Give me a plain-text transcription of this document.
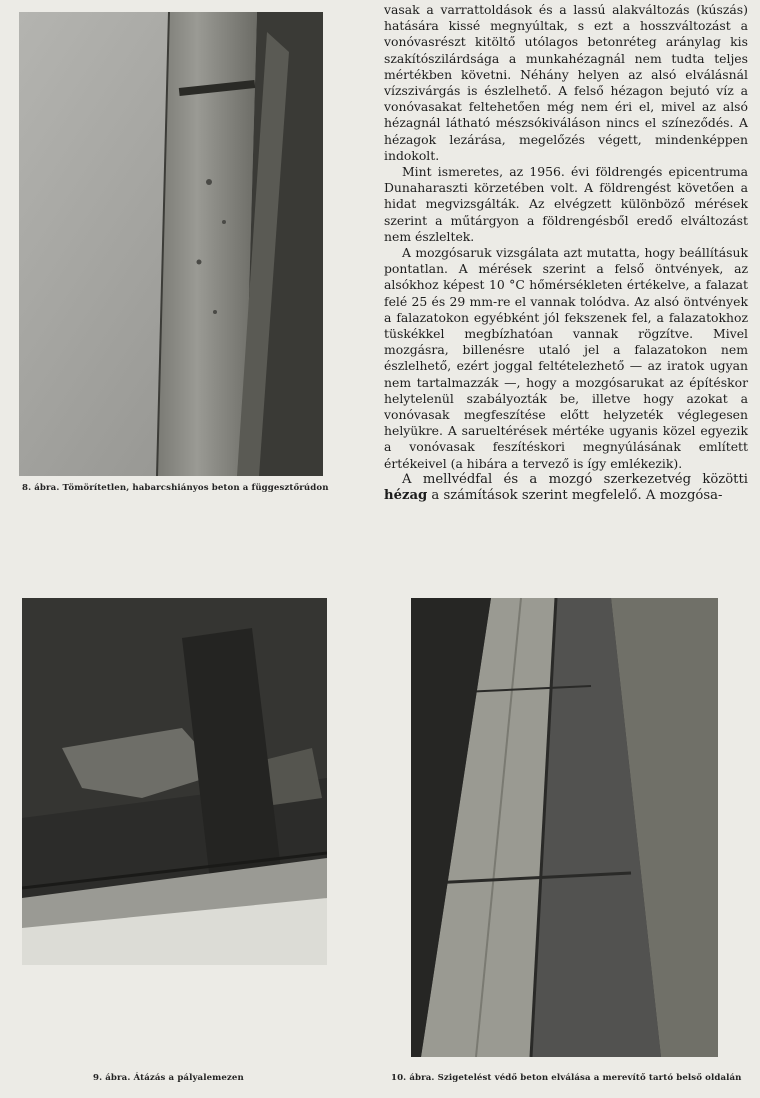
8. ábra. Tömörítetlen, habarcshiányos beton a függesztőrúdon

vasak a varrattoldások és a lassú alakváltozás (kúszás) hatására kissé megnyúltak, s ezt a hosszváltozást a vonóvasrészt kitöltő utólagos betonréteg aránylag kis szakítószilárdsága a munkahézagnál nem tudta teljes mértékben követni. Néhány helyen az alsó elválásnál vízszivárgás is észlelhető. A felső hézagon bejutó víz a vonóvasakat feltehetően még nem éri el, mivel az alsó hézagnál látható mészsókiváláson nincs el színeződés. A hézagok lezárása, megelőzés végett, mindenképpen indokolt.

Mint ismeretes, az 1956. évi földrengés epicentruma Dunaharaszti körzetében volt. A földrengést követően a hidat megvizsgálták. Az elvégzett különböző mérések szerint a műtárgyon a földrengésből eredő elváltozást nem észleltek.

A mozgósaruk vizsgálata azt mutatta, hogy beállításuk pontatlan. A mérések szerint a felső öntvények, az alsókhoz képest 10 °C hőmérsékleten értékelve, a falazat felé 25 és 29 mm-re el vannak tolódva. Az alsó öntvények a falazatokon egyébként jól fekszenek fel, a falazatokhoz tüskékkel megbízhatóan vannak rögzítve. Mivel mozgásra, billenésre utaló jel a falazatokon nem észlelhető, ezért joggal feltételezhető — az iratok ugyan nem tartalmazzák —, hogy a mozgósarukat az építéskor helytelenül szabályozták be, illetve hogy azokat a vonóvasak megfeszítése előtt helyzeték véglegesen helyükre. A sarueltérések mértéke ugyanis közel egyezik a vonóvasak feszítéskori megnyúlásának említett értékeivel (a hibára a tervező is így emlékezik).

A mellvédfal és a mozgó szerkezetvég közötti hézag a számítások szerint megfelelő. A mozgósa-

9. ábra. Átázás a pályalemezen	10. ábra. Szigetelést védő beton elválása a merevítő tartó belső oldalán
